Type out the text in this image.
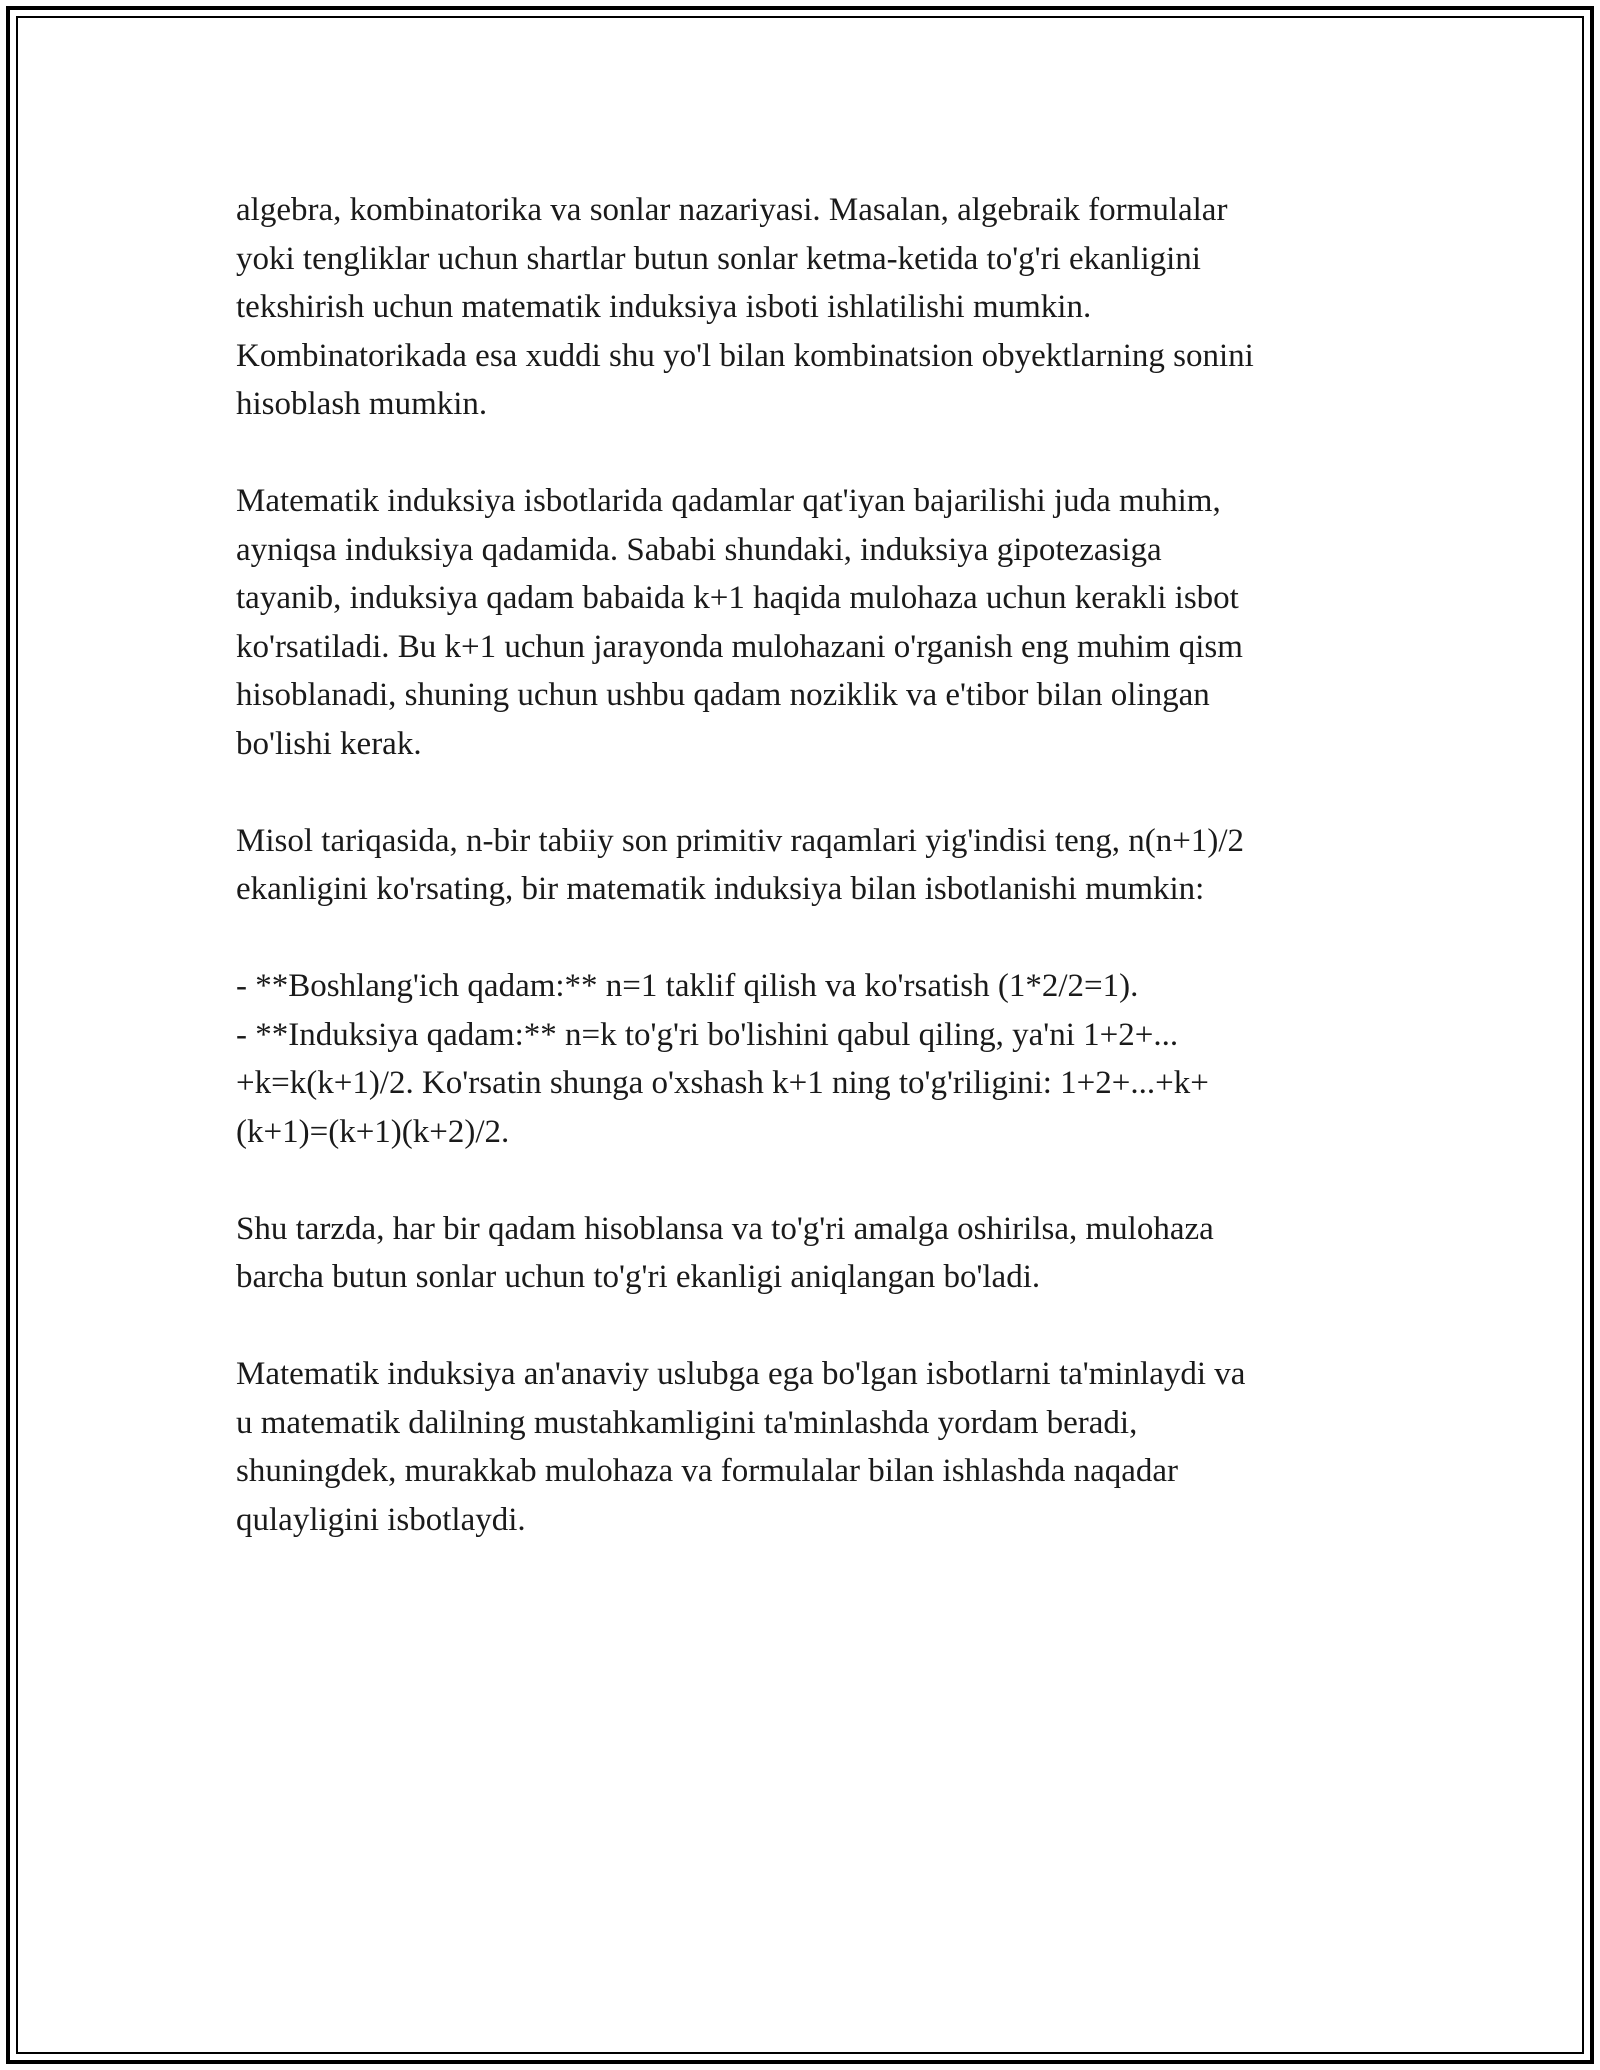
algebra, kombinatorika va sonlar nazariyasi. Masalan, algebraik formulalar
yoki tengliklar uchun shartlar butun sonlar ketma-ketida to'g'ri ekanligini
tekshirish uchun matematik induksiya isboti ishlatilishi mumkin.
Kombinatorikada esa xuddi shu yo'l bilan kombinatsion obyektlarning sonini
hisoblash mumkin.

Matematik induksiya isbotlarida qadamlar qat'iyan bajarilishi juda muhim,
ayniqsa induksiya qadamida. Sababi shundaki, induksiya gipotezasiga
tayanib, induksiya qadam babaida k+1 haqida mulohaza uchun kerakli isbot
ko'rsatiladi. Bu k+1 uchun jarayonda mulohazani o'rganish eng muhim qism
hisoblanadi, shuning uchun ushbu qadam noziklik va e'tibor bilan olingan
bo'lishi kerak.

Misol tariqasida, n-bir tabiiy son primitiv raqamlari yig'indisi teng, n(n+1)/2
ekanligini ko'rsating, bir matematik induksiya bilan isbotlanishi mumkin:

- **Boshlang'ich qadam:** n=1 taklif qilish va ko'rsatish (1*2/2=1).
- **Induksiya qadam:** n=k to'g'ri bo'lishini qabul qiling, ya'ni 1+2+...
+k=k(k+1)/2. Ko'rsatin shunga o'xshash k+1 ning to'g'riligini: 1+2+...+k+
(k+1)=(k+1)(k+2)/2.

Shu tarzda, har bir qadam hisoblansa va to'g'ri amalga oshirilsa, mulohaza
barcha butun sonlar uchun to'g'ri ekanligi aniqlangan bo'ladi.

Matematik induksiya an'anaviy uslubga ega bo'lgan isbotlarni ta'minlaydi va
u matematik dalilning mustahkamligini ta'minlashda yordam beradi,
shuningdek, murakkab mulohaza va formulalar bilan ishlashda naqadar
qulayligini isbotlaydi.
